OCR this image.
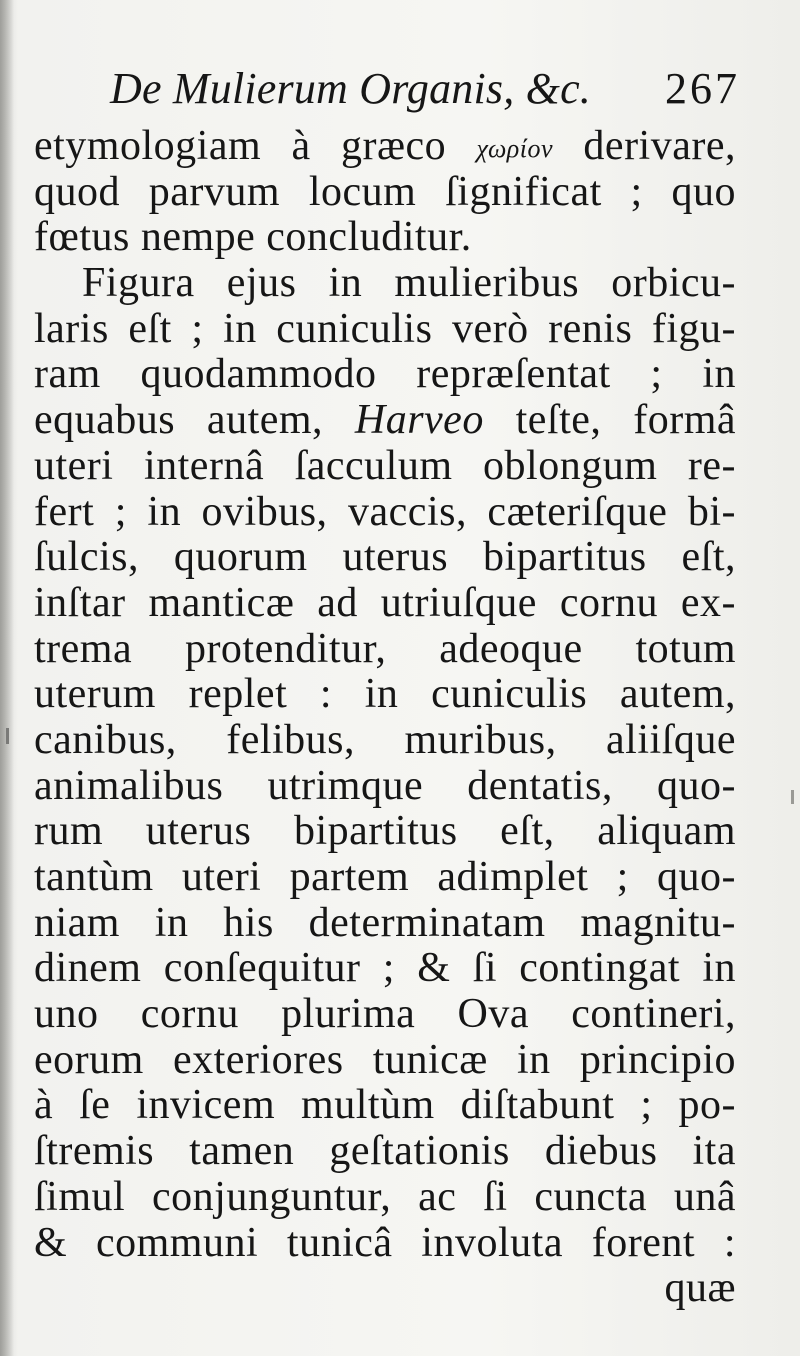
De Mulierum Organis, &c. 267
etymologiam à græco χωρίον derivare,
quod parvum locum ſignificat ; quo
fœtus nempe concluditur.
Figura ejus in mulieribus orbicu-
laris eſt ; in cuniculis verò renis figu-
ram quodammodo repræſentat ; in
equabus autem, Harveo teſte, formâ
uteri internâ ſacculum oblongum re-
fert ; in ovibus, vaccis, cæteriſque bi-
ſulcis, quorum uterus bipartitus eſt,
inſtar manticæ ad utriuſque cornu ex-
trema protenditur, adeoque totum
uterum replet : in cuniculis autem,
canibus, felibus, muribus, aliiſque
animalibus utrimque dentatis, quo-
rum uterus bipartitus eſt, aliquam
tantùm uteri partem adimplet ; quo-
niam in his determinatam magnitu-
dinem conſequitur ; & ſi contingat in
uno cornu plurima Ova contineri,
eorum exteriores tunicæ in principio
à ſe invicem multùm diſtabunt ; po-
ſtremis tamen geſtationis diebus ita
ſimul conjunguntur, ac ſi cuncta unâ
& communi tunicâ involuta forent :
quæ
